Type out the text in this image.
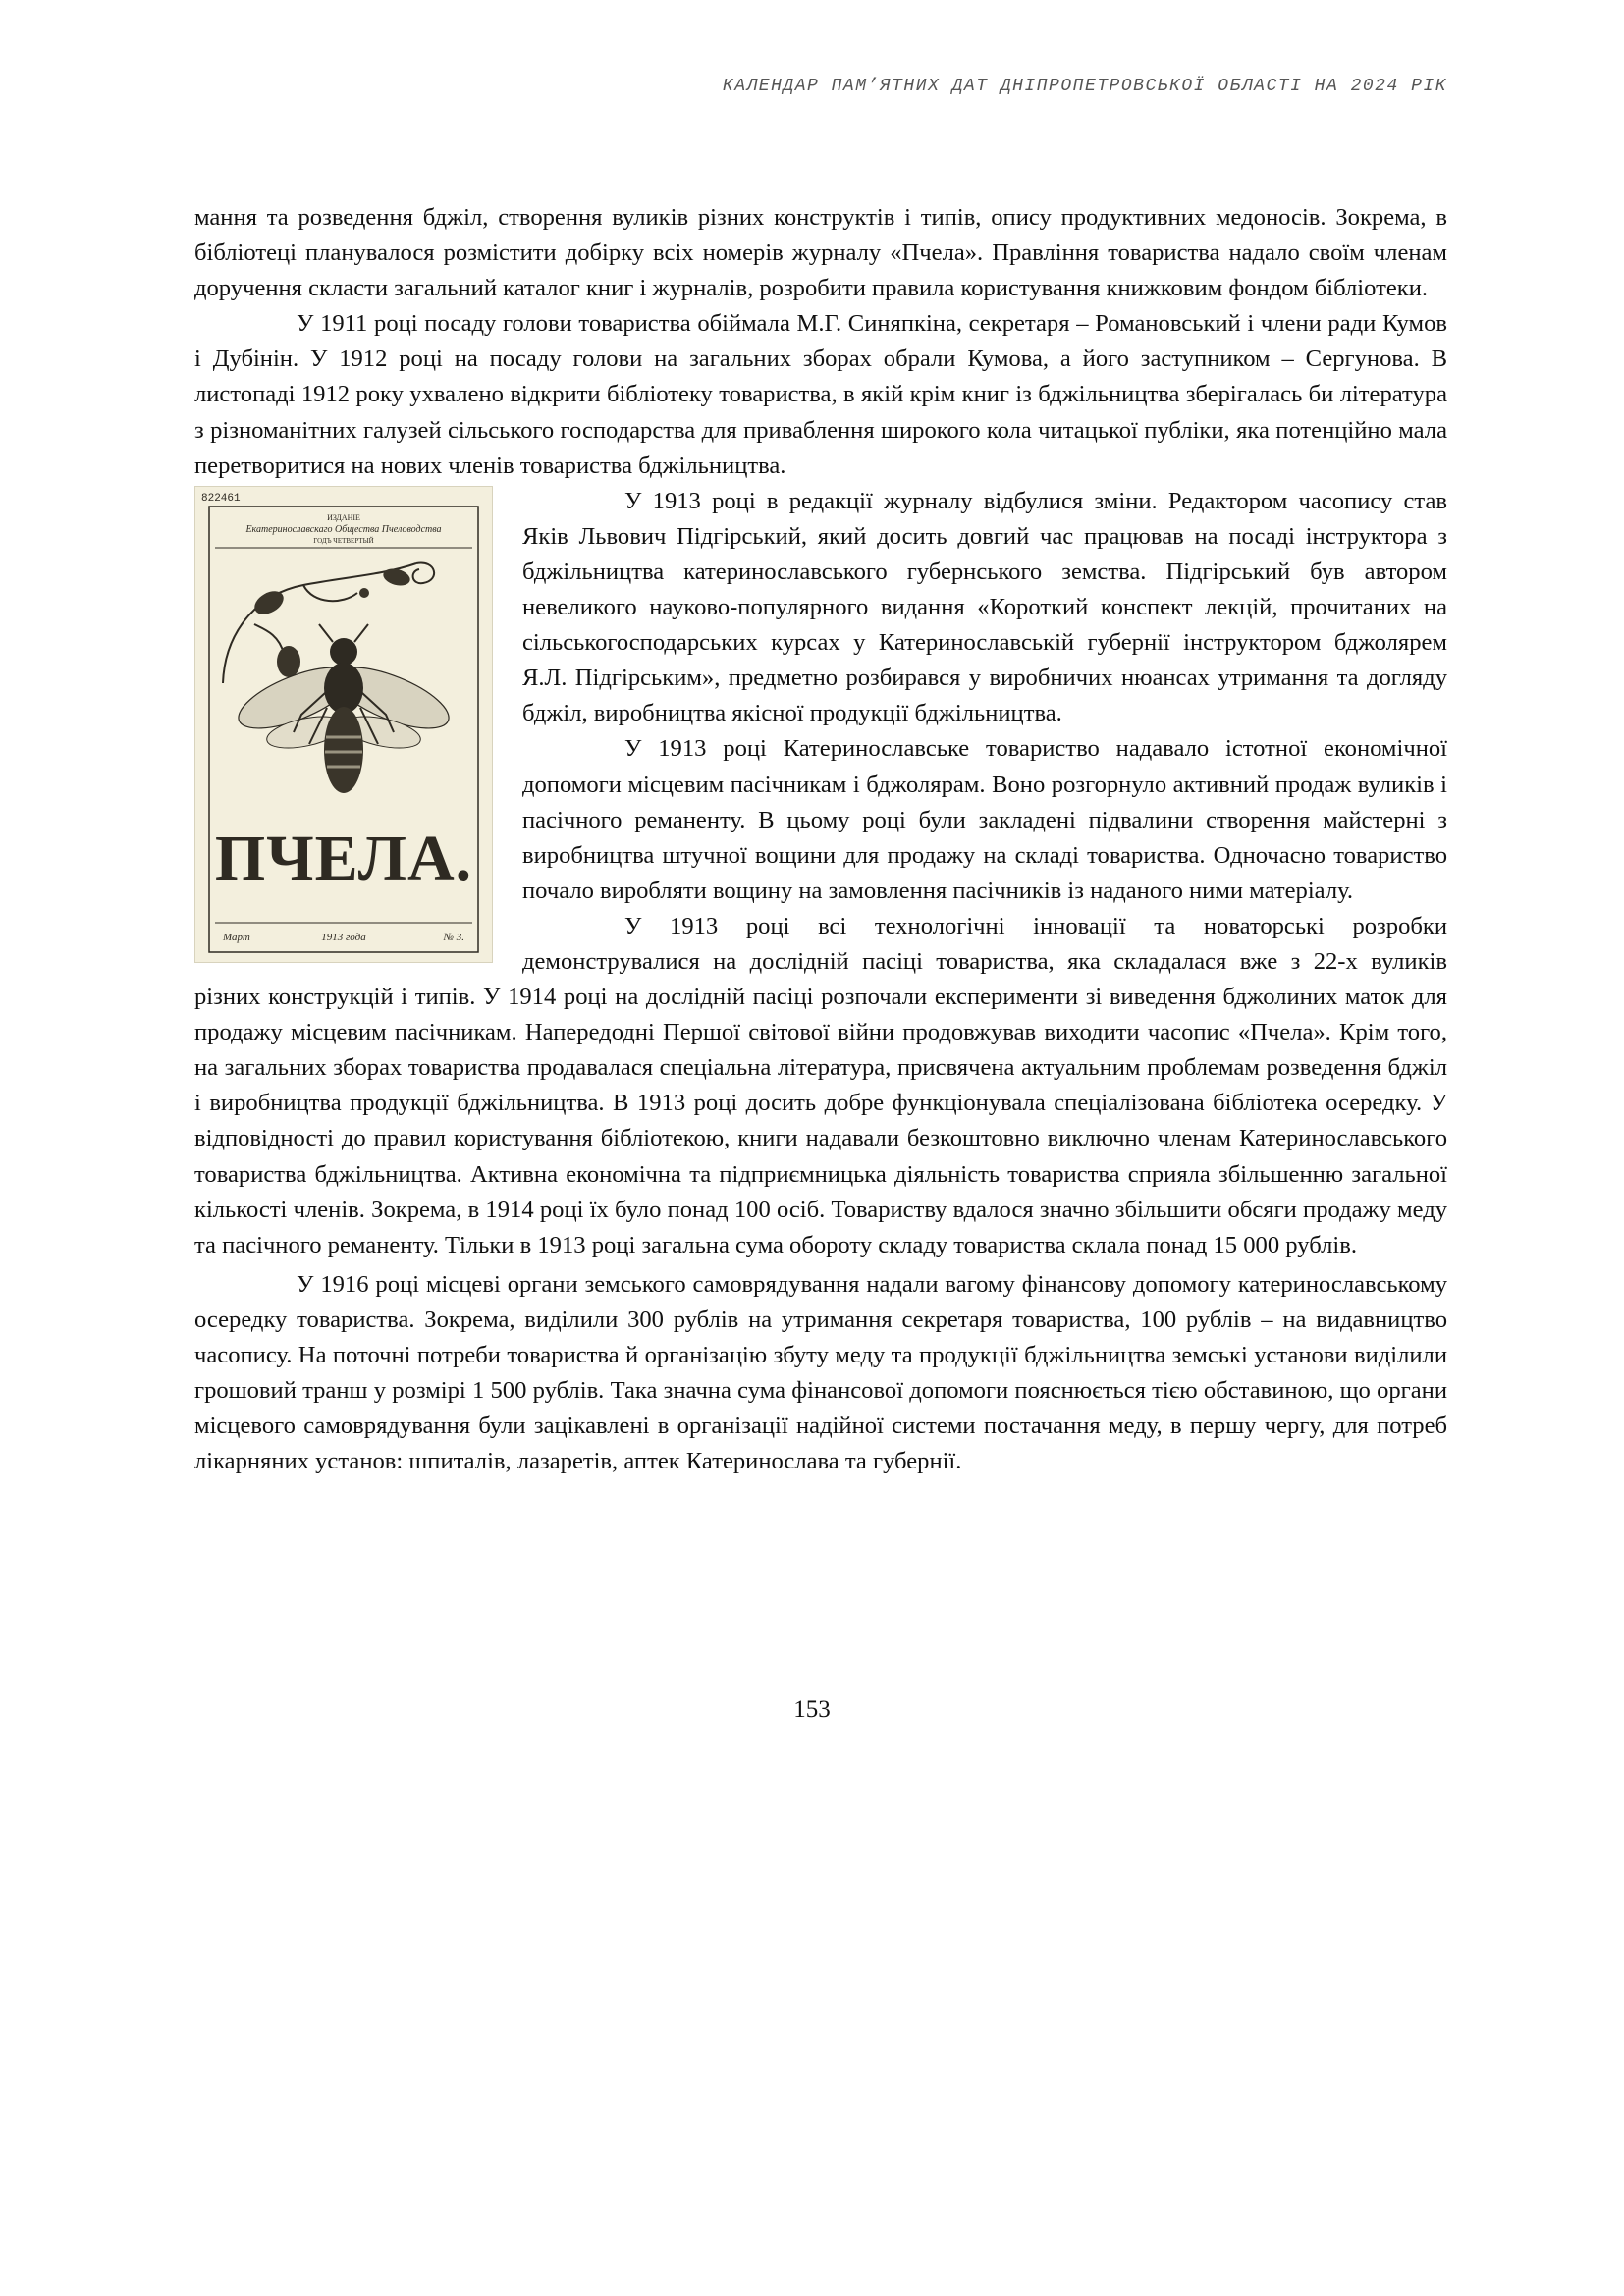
КАЛЕНДАР ПАМ’ЯТНИХ ДАТ ДНІПРОПЕТРОВСЬКОЇ ОБЛАСТІ НА 2024 РІК

мання та розведення бджіл, створення вуликів різних конструктів і типів, опису продуктивних медоносів. Зокрема, в бібліотеці планувалося розмістити добірку всіх номерів журналу «Пчела». Правління товариства надало своїм членам доручення скласти загальний каталог книг і журналів, розробити правила користування книжковим фондом бібліотеки.

У 1911 році посаду голови товариства обіймала М.Г. Синяпкіна, секретаря – Романовський і члени ради Кумов і Дубінін. У 1912 році на посаду голови на загальних зборах обрали Кумова, а його заступником – Сергунова. В листопаді 1912 року ухвалено відкрити бібліотеку товариства, в якій крім книг із бджільництва зберігалась би література з різноманітних галузей сільського господарства для приваблення широкого кола читацької публіки, яка потенційно мала перетворитися на нових членів товариства бджільництва.

822461
ИЗДАНІЕ
Екатеринославскаго Общества Пчеловодства
ГОДЪ ЧЕТВЕРТЫЙ
ПЧЕЛА.
Март	1913 года	№ 3.

У 1913 році в редакції журналу відбулися зміни. Редактором часопису став Яків Львович Підгірський, який досить довгий час працював на посаді інструктора з бджільництва катеринославського губернського земства. Підгірський був автором невеликого науково-популярного видання «Короткий конспект лекцій, прочитаних на сільськогосподарських курсах у Катеринославській губернії інструктором бджолярем Я.Л. Підгірським», предметно розбирався у виробничих нюансах утримання та догляду бджіл, виробництва якісної продукції бджільництва.

У 1913 році Катеринославське товариство надавало істотної економічної допомоги місцевим пасічникам і бджолярам. Воно розгорнуло активний продаж вуликів і пасічного реманенту. В цьому році були закладені підвалини створення майстерні з виробництва штучної вощини для продажу на складі товариства. Одночасно товариство почало виробляти вощину на замовлення пасічників із наданого ними матеріалу.

У 1913 році всі технологічні інновації та новаторські розробки демонструвалися на дослідній пасіці товариства, яка складалася вже з 22-х вуликів різних конструкцій і типів. У 1914 році на дослідній пасіці розпочали експерименти зі виведення бджолиних маток для продажу місцевим пасічникам. Напередодні Першої світової війни продовжував виходити часопис «Пчела». Крім того, на загальних зборах товариства продавалася спеціальна література, присвячена актуальним проблемам розведення бджіл і виробництва продукції бджільництва. В 1913 році досить добре функціонувала спеціалізована бібліотека осередку. У відповідності до правил користування бібліотекою, книги надавали безкоштовно виключно членам Катеринославського товариства бджільництва. Активна економічна та підприємницька діяльність товариства сприяла збільшенню загальної кількості членів. Зокрема, в 1914 році їх було понад 100 осіб. Товариству вдалося значно збільшити обсяги продажу меду та пасічного реманенту. Тільки в 1913 році загальна сума обороту складу товариства склала понад 15 000 рублів.

У 1916 році місцеві органи земського самоврядування надали вагому фінансову допомогу катеринославському осередку товариства. Зокрема, виділили 300 рублів на утримання секретаря товариства, 100 рублів – на видавництво часопису. На поточні потреби товариства й організацію збуту меду та продукції бджільництва земські установи виділили грошовий транш у розмірі 1 500 рублів. Така значна сума фінансової допомоги пояснюється тією обставиною, що органи місцевого самоврядування були зацікавлені в організації надійної системи постачання меду, в першу чергу, для потреб лікарняних установ: шпиталів, лазаретів, аптек Катеринослава та губернії.

153
